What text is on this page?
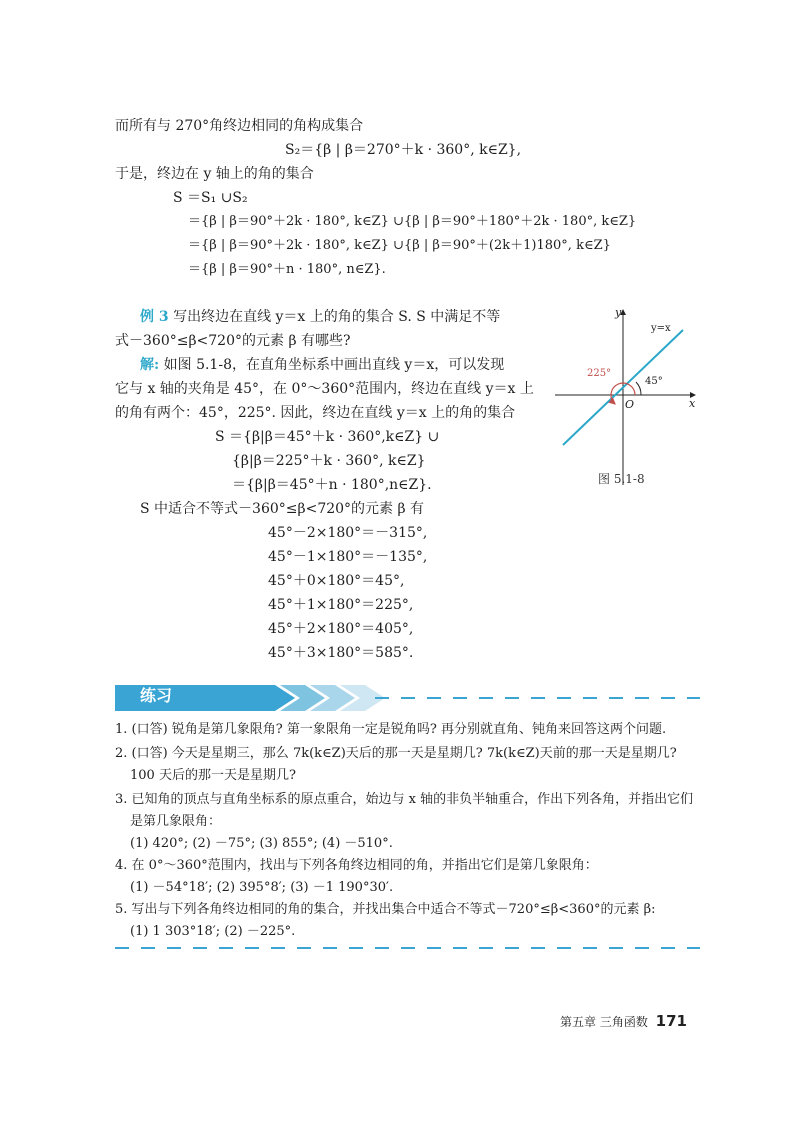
而所有与 270°角终边相同的角构成集合
S₂＝{β | β＝270°＋k · 360°, k∈Z},
于是，终边在 y 轴上的角的集合
S ＝S₁ ∪S₂
＝{β | β＝90°＋2k · 180°, k∈Z} ∪{β | β＝90°＋180°＋2k · 180°, k∈Z}
＝{β | β＝90°＋2k · 180°, k∈Z} ∪{β | β＝90°＋(2k＋1)180°, k∈Z}
＝{β | β＝90°＋n · 180°, n∈Z}.
例 3 写出终边在直线 y＝x 上的角的集合 S. S 中满足不等
式－360°≤β<720°的元素 β 有哪些?
解: 如图 5.1-8，在直角坐标系中画出直线 y＝x，可以发现
它与 x 轴的夹角是 45°，在 0°～360°范围内，终边在直线 y＝x 上
的角有两个：45°，225°. 因此，终边在直线 y＝x 上的角的集合
S ＝{β|β＝45°＋k · 360°,k∈Z} ∪
{β|β＝225°＋k · 360°, k∈Z}
＝{β|β＝45°＋n · 180°,n∈Z}.
S 中适合不等式－360°≤β<720°的元素 β 有
45°－2×180°＝－315°,
45°－1×180°＝－135°,
45°＋0×180°＝45°,
45°＋1×180°＝225°,
45°＋2×180°＝405°,
45°＋3×180°＝585°.
y
x
O
y=x
225°
45°
图 5.1-8
练习
1. (口答) 锐角是第几象限角? 第一象限角一定是锐角吗? 再分别就直角、钝角来回答这两个问题.
2. (口答) 今天是星期三，那么 7k(k∈Z)天后的那一天是星期几? 7k(k∈Z)天前的那一天是星期几?
100 天后的那一天是星期几?
3. 已知角的顶点与直角坐标系的原点重合，始边与 x 轴的非负半轴重合，作出下列各角，并指出它们
是第几象限角：
(1) 420°; (2) －75°; (3) 855°; (4) －510°.
4. 在 0°～360°范围内，找出与下列各角终边相同的角，并指出它们是第几象限角：
(1) －54°18′; (2) 395°8′; (3) －1 190°30′.
5. 写出与下列各角终边相同的角的集合，并找出集合中适合不等式－720°≤β<360°的元素 β:
(1) 1 303°18′; (2) －225°.
第五章 三角函数 171
